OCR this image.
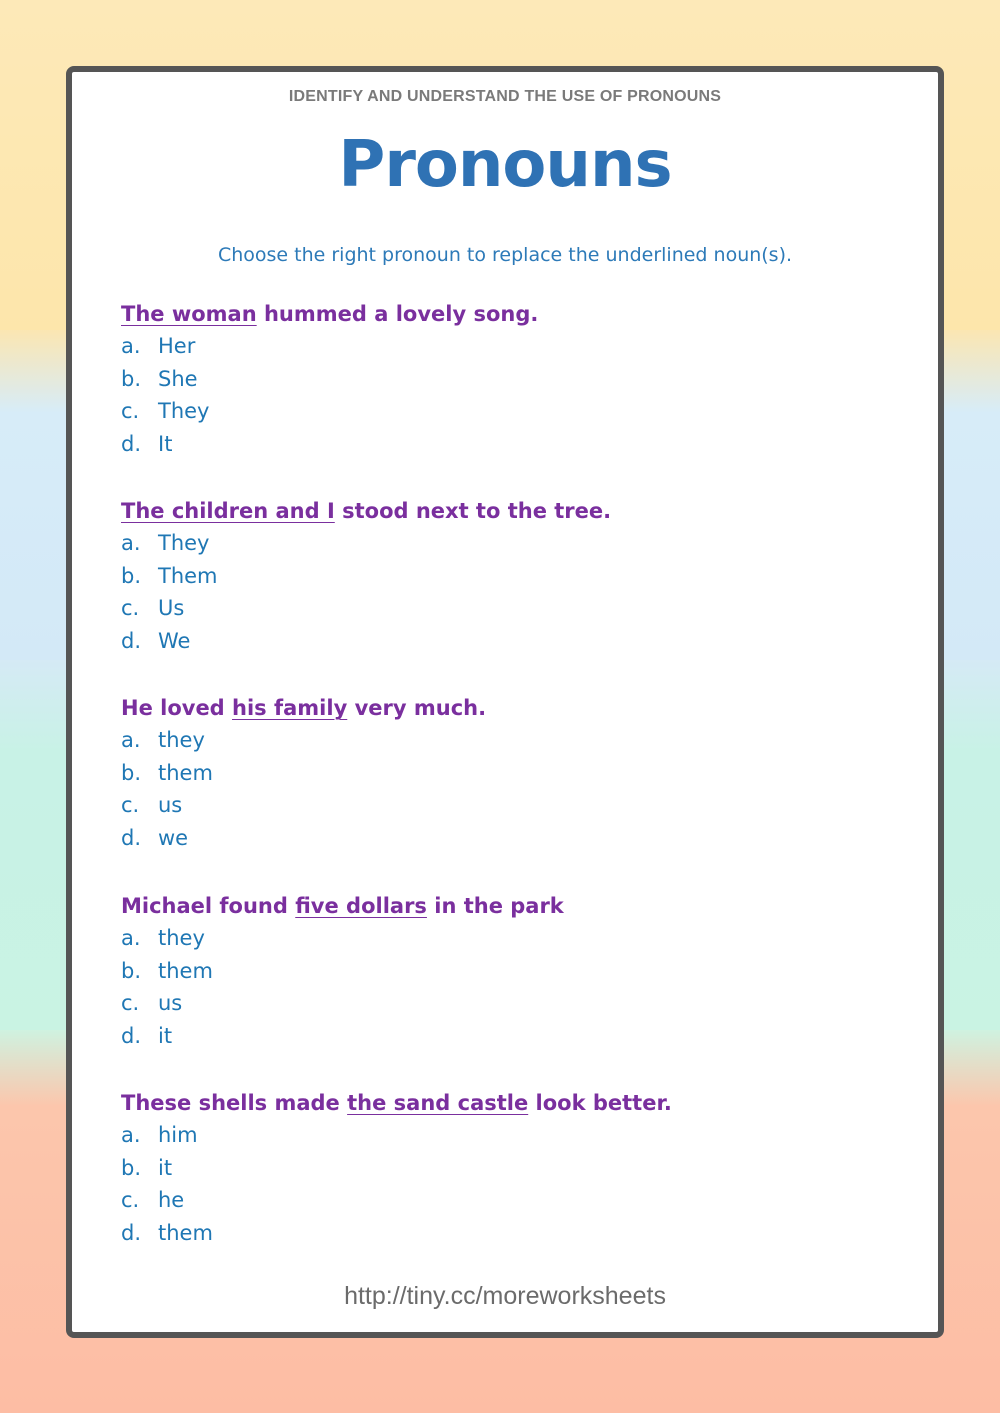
IDENTIFY AND UNDERSTAND THE USE OF PRONOUNS
Pronouns
Choose the right pronoun to replace the underlined noun(s).
The woman hummed a lovely song.
a. Her
b. She
c. They
d. It
The children and I stood next to the tree.
a. They
b. Them
c. Us
d. We
He loved his family very much.
a. they
b. them
c. us
d. we
Michael found five dollars in the park
a. they
b. them
c. us
d. it
These shells made the sand castle look better.
a. him
b. it
c. he
d. them
http://tiny.cc/moreworksheets
